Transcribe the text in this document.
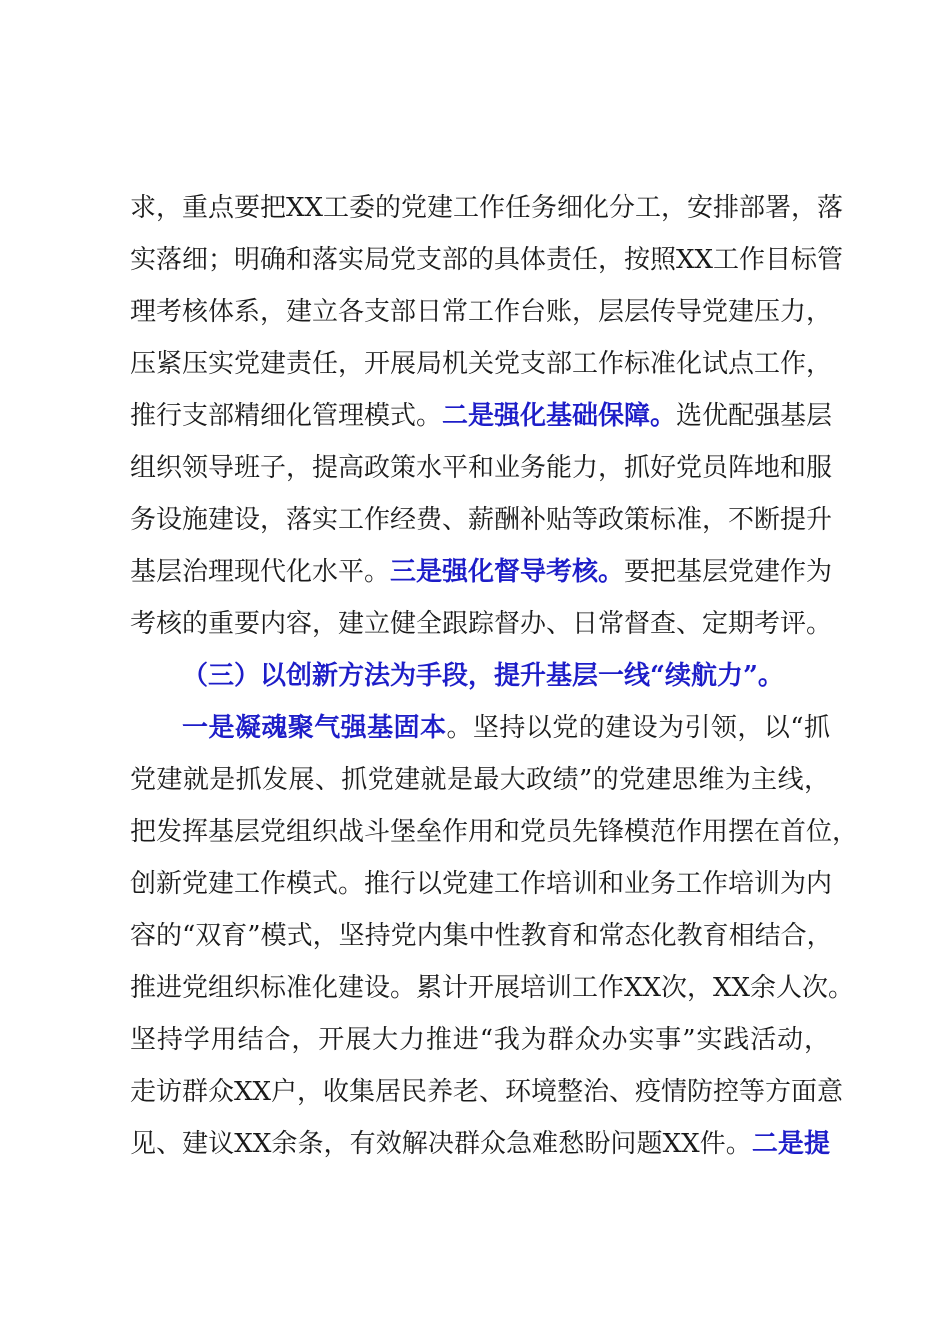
求，重点要把XX工委的党建工作任务细化分工，安排部署，落
实落细；明确和落实局党支部的具体责任，按照XX工作目标管
理考核体系，建立各支部日常工作台账，层层传导党建压力，
压紧压实党建责任，开展局机关党支部工作标准化试点工作，
推行支部精细化管理模式。二是强化基础保障。选优配强基层
组织领导班子，提高政策水平和业务能力，抓好党员阵地和服
务设施建设，落实工作经费、薪酬补贴等政策标准，不断提升
基层治理现代化水平。三是强化督导考核。要把基层党建作为
考核的重要内容，建立健全跟踪督办、日常督查、定期考评。
（三）以创新方法为手段，提升基层一线“续航力”。
一是凝魂聚气强基固本。坚持以党的建设为引领，以“抓
党建就是抓发展、抓党建就是最大政绩”的党建思维为主线，
把发挥基层党组织战斗堡垒作用和党员先锋模范作用摆在首位，
创新党建工作模式。推行以党建工作培训和业务工作培训为内
容的“双育”模式，坚持党内集中性教育和常态化教育相结合，
推进党组织标准化建设。累计开展培训工作XX次，XX余人次。
坚持学用结合，开展大力推进“我为群众办实事”实践活动，
走访群众XX户，收集居民养老、环境整治、疫情防控等方面意
见、建议XX余条，有效解决群众急难愁盼问题XX件。二是提
